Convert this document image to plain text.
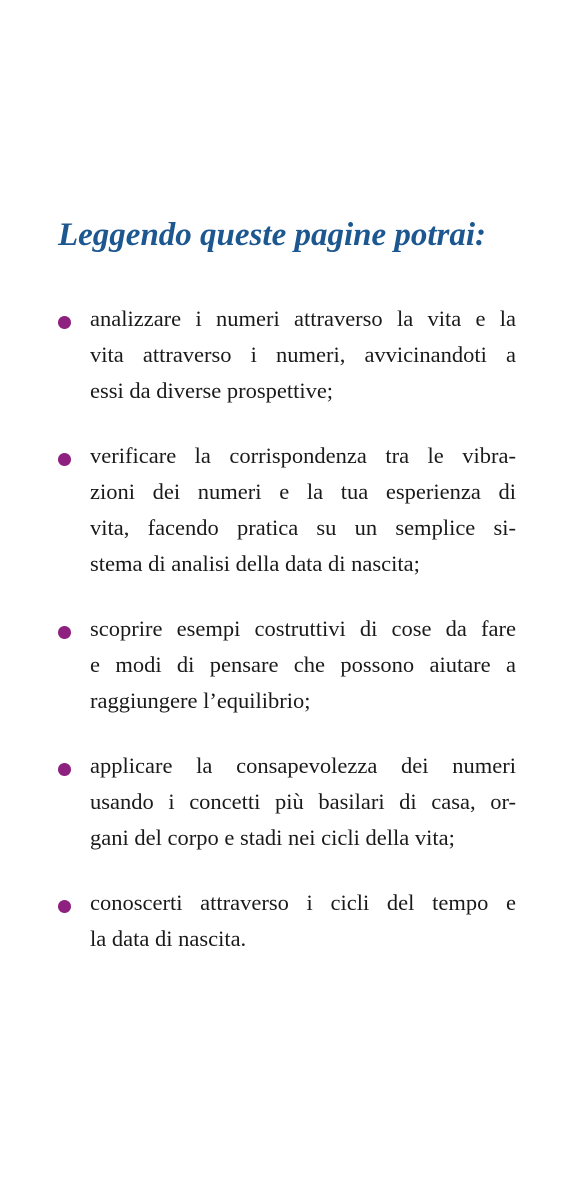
Leggendo queste pagine potrai:
analizzare i numeri attraverso la vita e la
vita attraverso i numeri, avvicinandoti a
essi da diverse prospettive;
verificare la corrispondenza tra le vibra-
zioni dei numeri e la tua esperienza di
vita, facendo pratica su un semplice si-
stema di analisi della data di nascita;
scoprire esempi costruttivi di cose da fare
e modi di pensare che possono aiutare a
raggiungere l’equilibrio;
applicare la consapevolezza dei numeri
usando i concetti più basilari di casa, or-
gani del corpo e stadi nei cicli della vita;
conoscerti attraverso i cicli del tempo e
la data di nascita.
